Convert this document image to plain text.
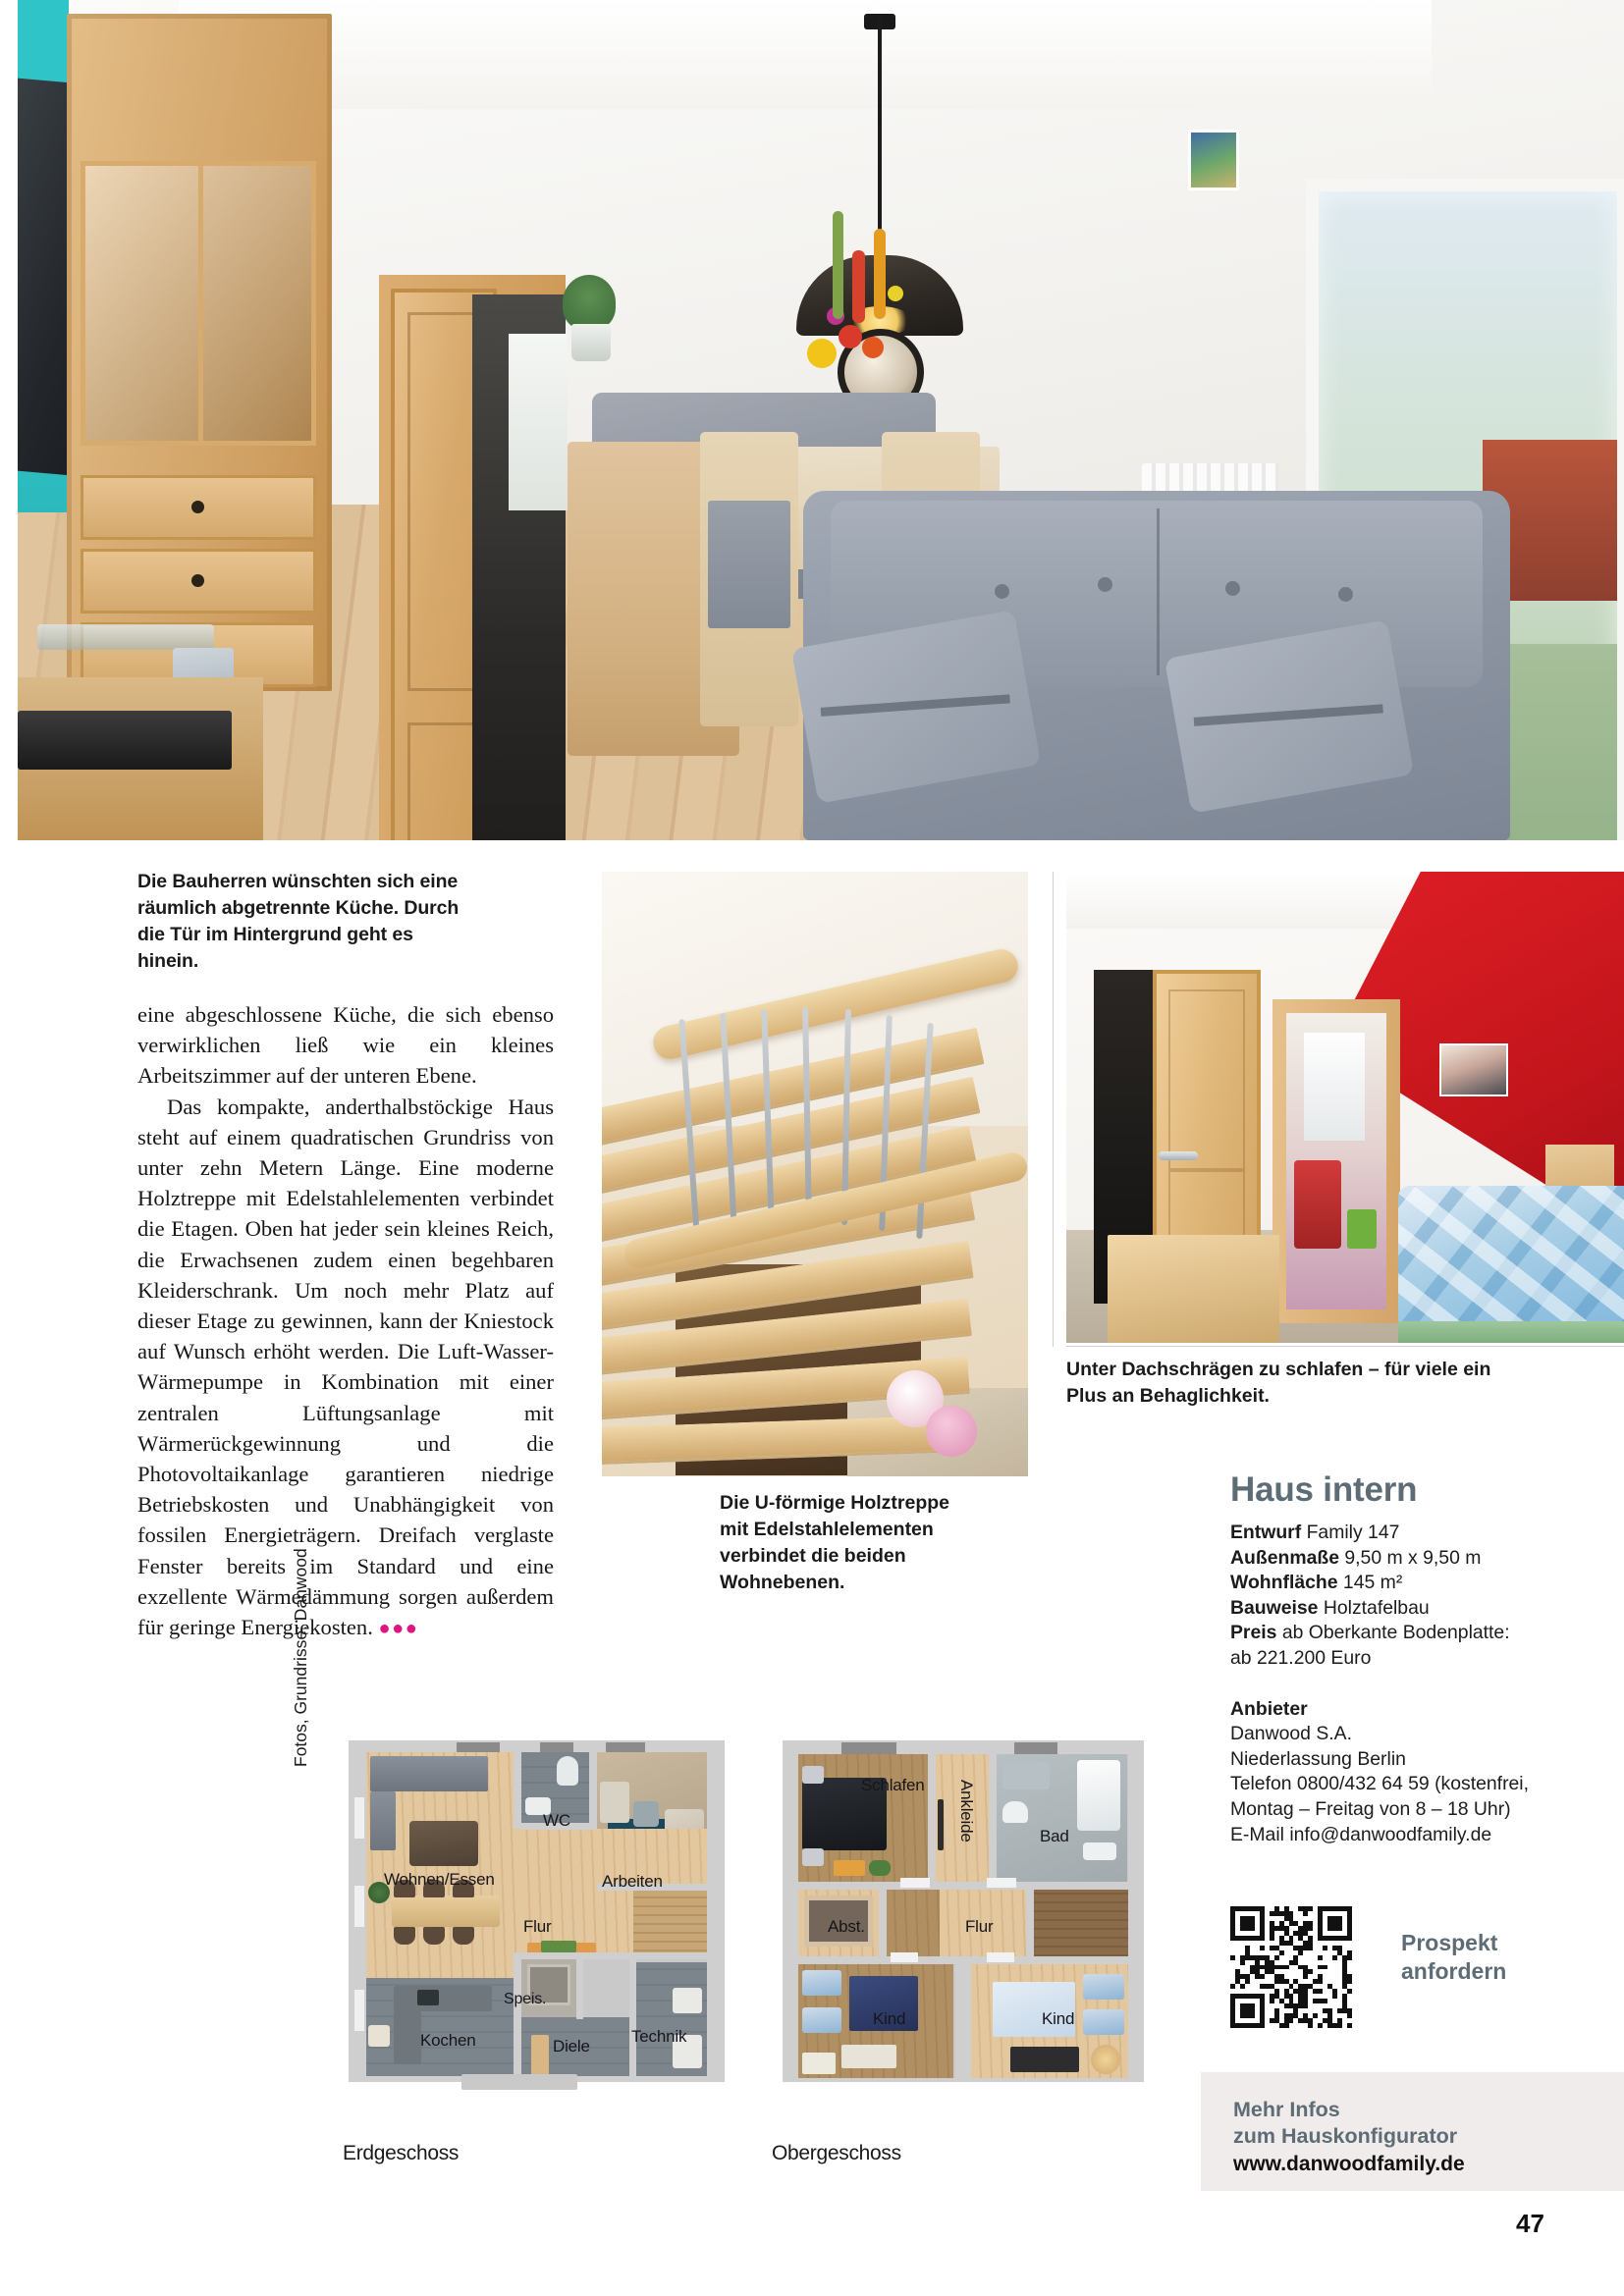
Die Bauherren wünschten sich eine räumlich abgetrennte Küche. Durch die Tür im Hintergrund geht es hinein.

eine abgeschlossene Küche, die sich ebenso verwirklichen ließ wie ein kleines Arbeitszimmer auf der unteren Ebene.

Das kompakte, anderthalbstöckige Haus steht auf einem quadratischen Grundriss von unter zehn Metern Länge. Eine moderne Holztreppe mit Edelstahlelementen verbindet die Etagen. Oben hat jeder sein kleines Reich, die Erwachsenen zudem einen begehbaren Kleiderschrank. Um noch mehr Platz auf dieser Etage zu gewinnen, kann der Kniestock auf Wunsch erhöht werden. Die Luft-Wasser-Wärmepumpe in Kombination mit einer zentralen Lüftungsanlage mit Wärmerückgewinnung und die Photovoltaikanlage garantieren niedrige Betriebskosten und Unabhängigkeit von fossilen Energieträgern. Dreifach verglaste Fenster bereits im Standard und eine exzellente Wärmedämmung sorgen außerdem für geringe Energiekosten. ●●●

Unter Dachschrägen zu schlafen – für viele ein Plus an Behaglichkeit.
Die U-förmige Holztreppe mit Edelstahlelementen verbindet die beiden Wohnebenen.
Haus intern
Entwurf Family 147
Außenmaße 9,50 m x 9,50 m
Wohnfläche 145 m²
Bauweise Holztafelbau
Preis ab Oberkante Bodenplatte:
ab 221.200 Euro
Anbieter
Danwood S.A.
Niederlassung Berlin
Telefon 0800/432 64 59 (kostenfrei,
Montag – Freitag von 8 – 18 Uhr)
E-Mail info@danwoodfamily.de
Prospekt
anfordern
Mehr Infos
zum Hauskonfigurator
www.danwoodfamily.de
Wohnen/Essen
WC
Arbeiten
Flur
Speis.
Kochen	Diele
Technik
Schlafen Ankleide	Bad
Abst.	Flur
Kind	Kind
Erdgeschoss	Obergeschoss
Fotos, Grundrisse: Danwood
47
